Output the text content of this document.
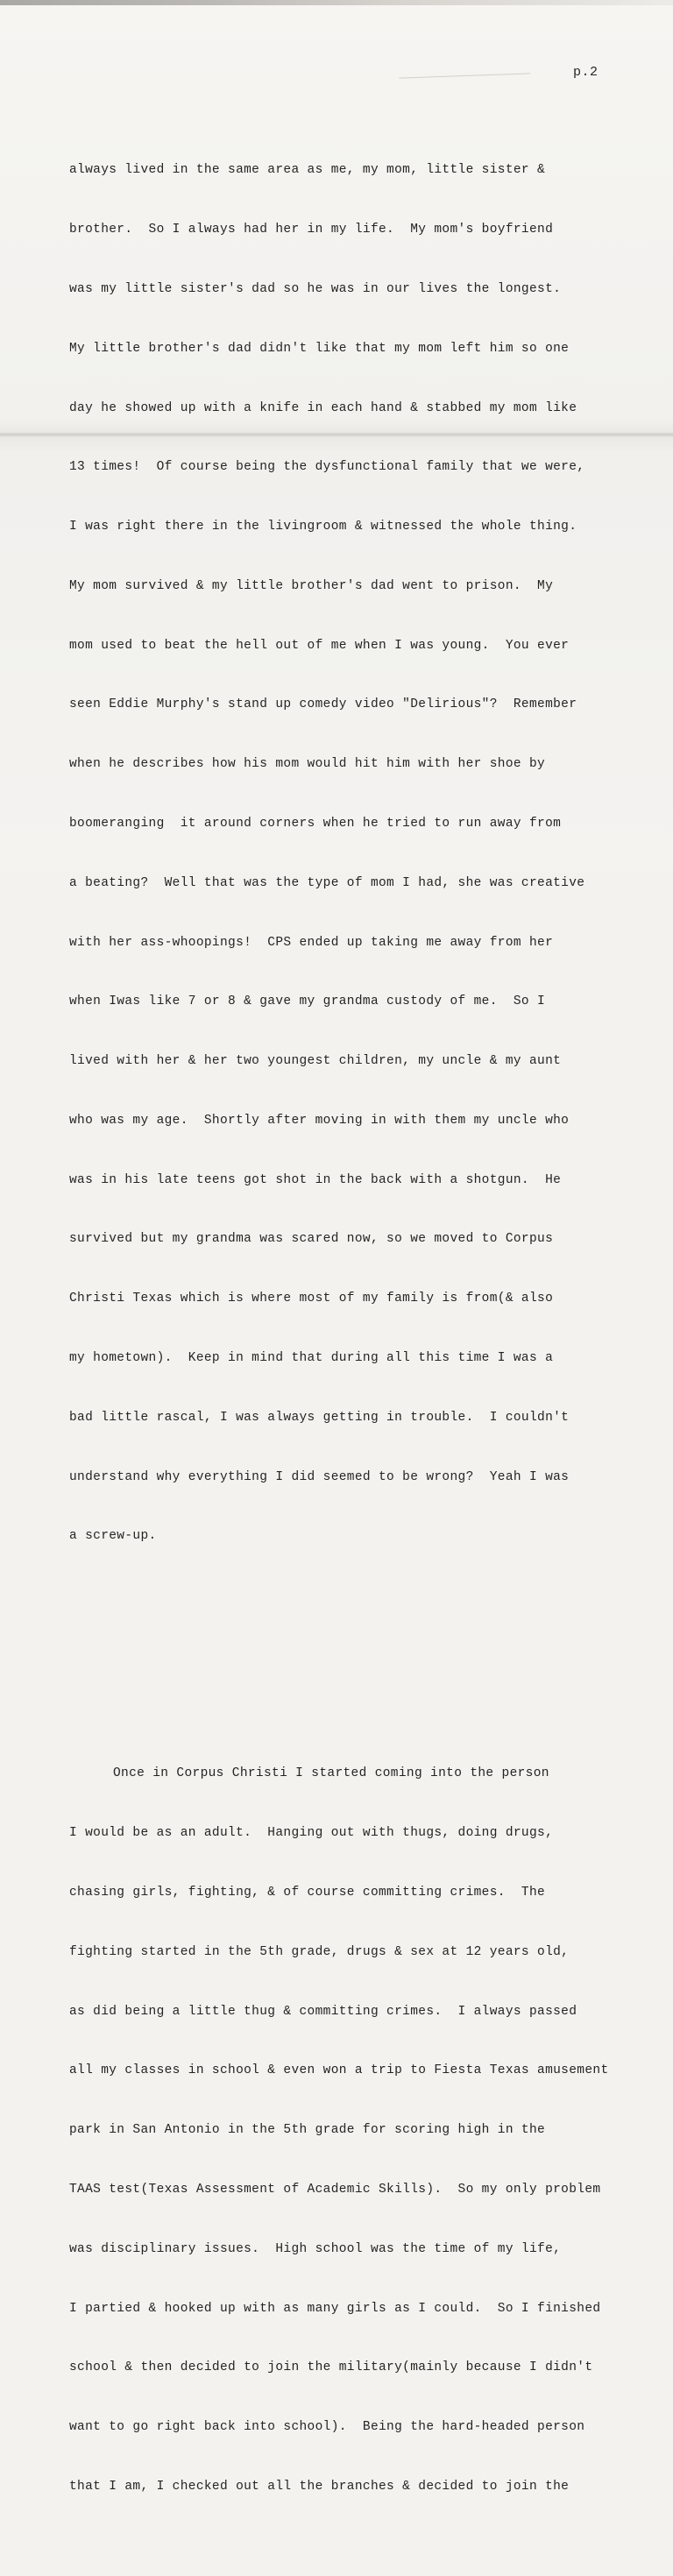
p.2

always lived in the same area as me, my mom, little sister &

brother.  So I always had her in my life.  My mom's boyfriend

was my little sister's dad so he was in our lives the longest.

My little brother's dad didn't like that my mom left him so one

day he showed up with a knife in each hand & stabbed my mom like

13 times!  Of course being the dysfunctional family that we were,

I was right there in the livingroom & witnessed the whole thing.

My mom survived & my little brother's dad went to prison.  My

mom used to beat the hell out of me when I was young.  You ever

seen Eddie Murphy's stand up comedy video "Delirious"?  Remember

when he describes how his mom would hit him with her shoe by

boomeranging  it around corners when he tried to run away from

a beating?  Well that was the type of mom I had, she was creative

with her ass-whoopings!  CPS ended up taking me away from her

when Iwas like 7 or 8 & gave my grandma custody of me.  So I

lived with her & her two youngest children, my uncle & my aunt

who was my age.  Shortly after moving in with them my uncle who

was in his late teens got shot in the back with a shotgun.  He

survived but my grandma was scared now, so we moved to Corpus

Christi Texas which is where most of my family is from(& also

my hometown).  Keep in mind that during all this time I was a

bad little rascal, I was always getting in trouble.  I couldn't

understand why everything I did seemed to be wrong?  Yeah I was

a screw-up.

Once in Corpus Christi I started coming into the person

I would be as an adult.  Hanging out with thugs, doing drugs,

chasing girls, fighting, & of course committing crimes.  The

fighting started in the 5th grade, drugs & sex at 12 years old,

as did being a little thug & committing crimes.  I always passed

all my classes in school & even won a trip to Fiesta Texas amusement

park in San Antonio in the 5th grade for scoring high in the

TAAS test(Texas Assessment of Academic Skills).  So my only problem

was disciplinary issues.  High school was the time of my life,

I partied & hooked up with as many girls as I could.  So I finished

school & then decided to join the military(mainly because I didn't

want to go right back into school).  Being the hard-headed person

that I am, I checked out all the branches & decided to join the
